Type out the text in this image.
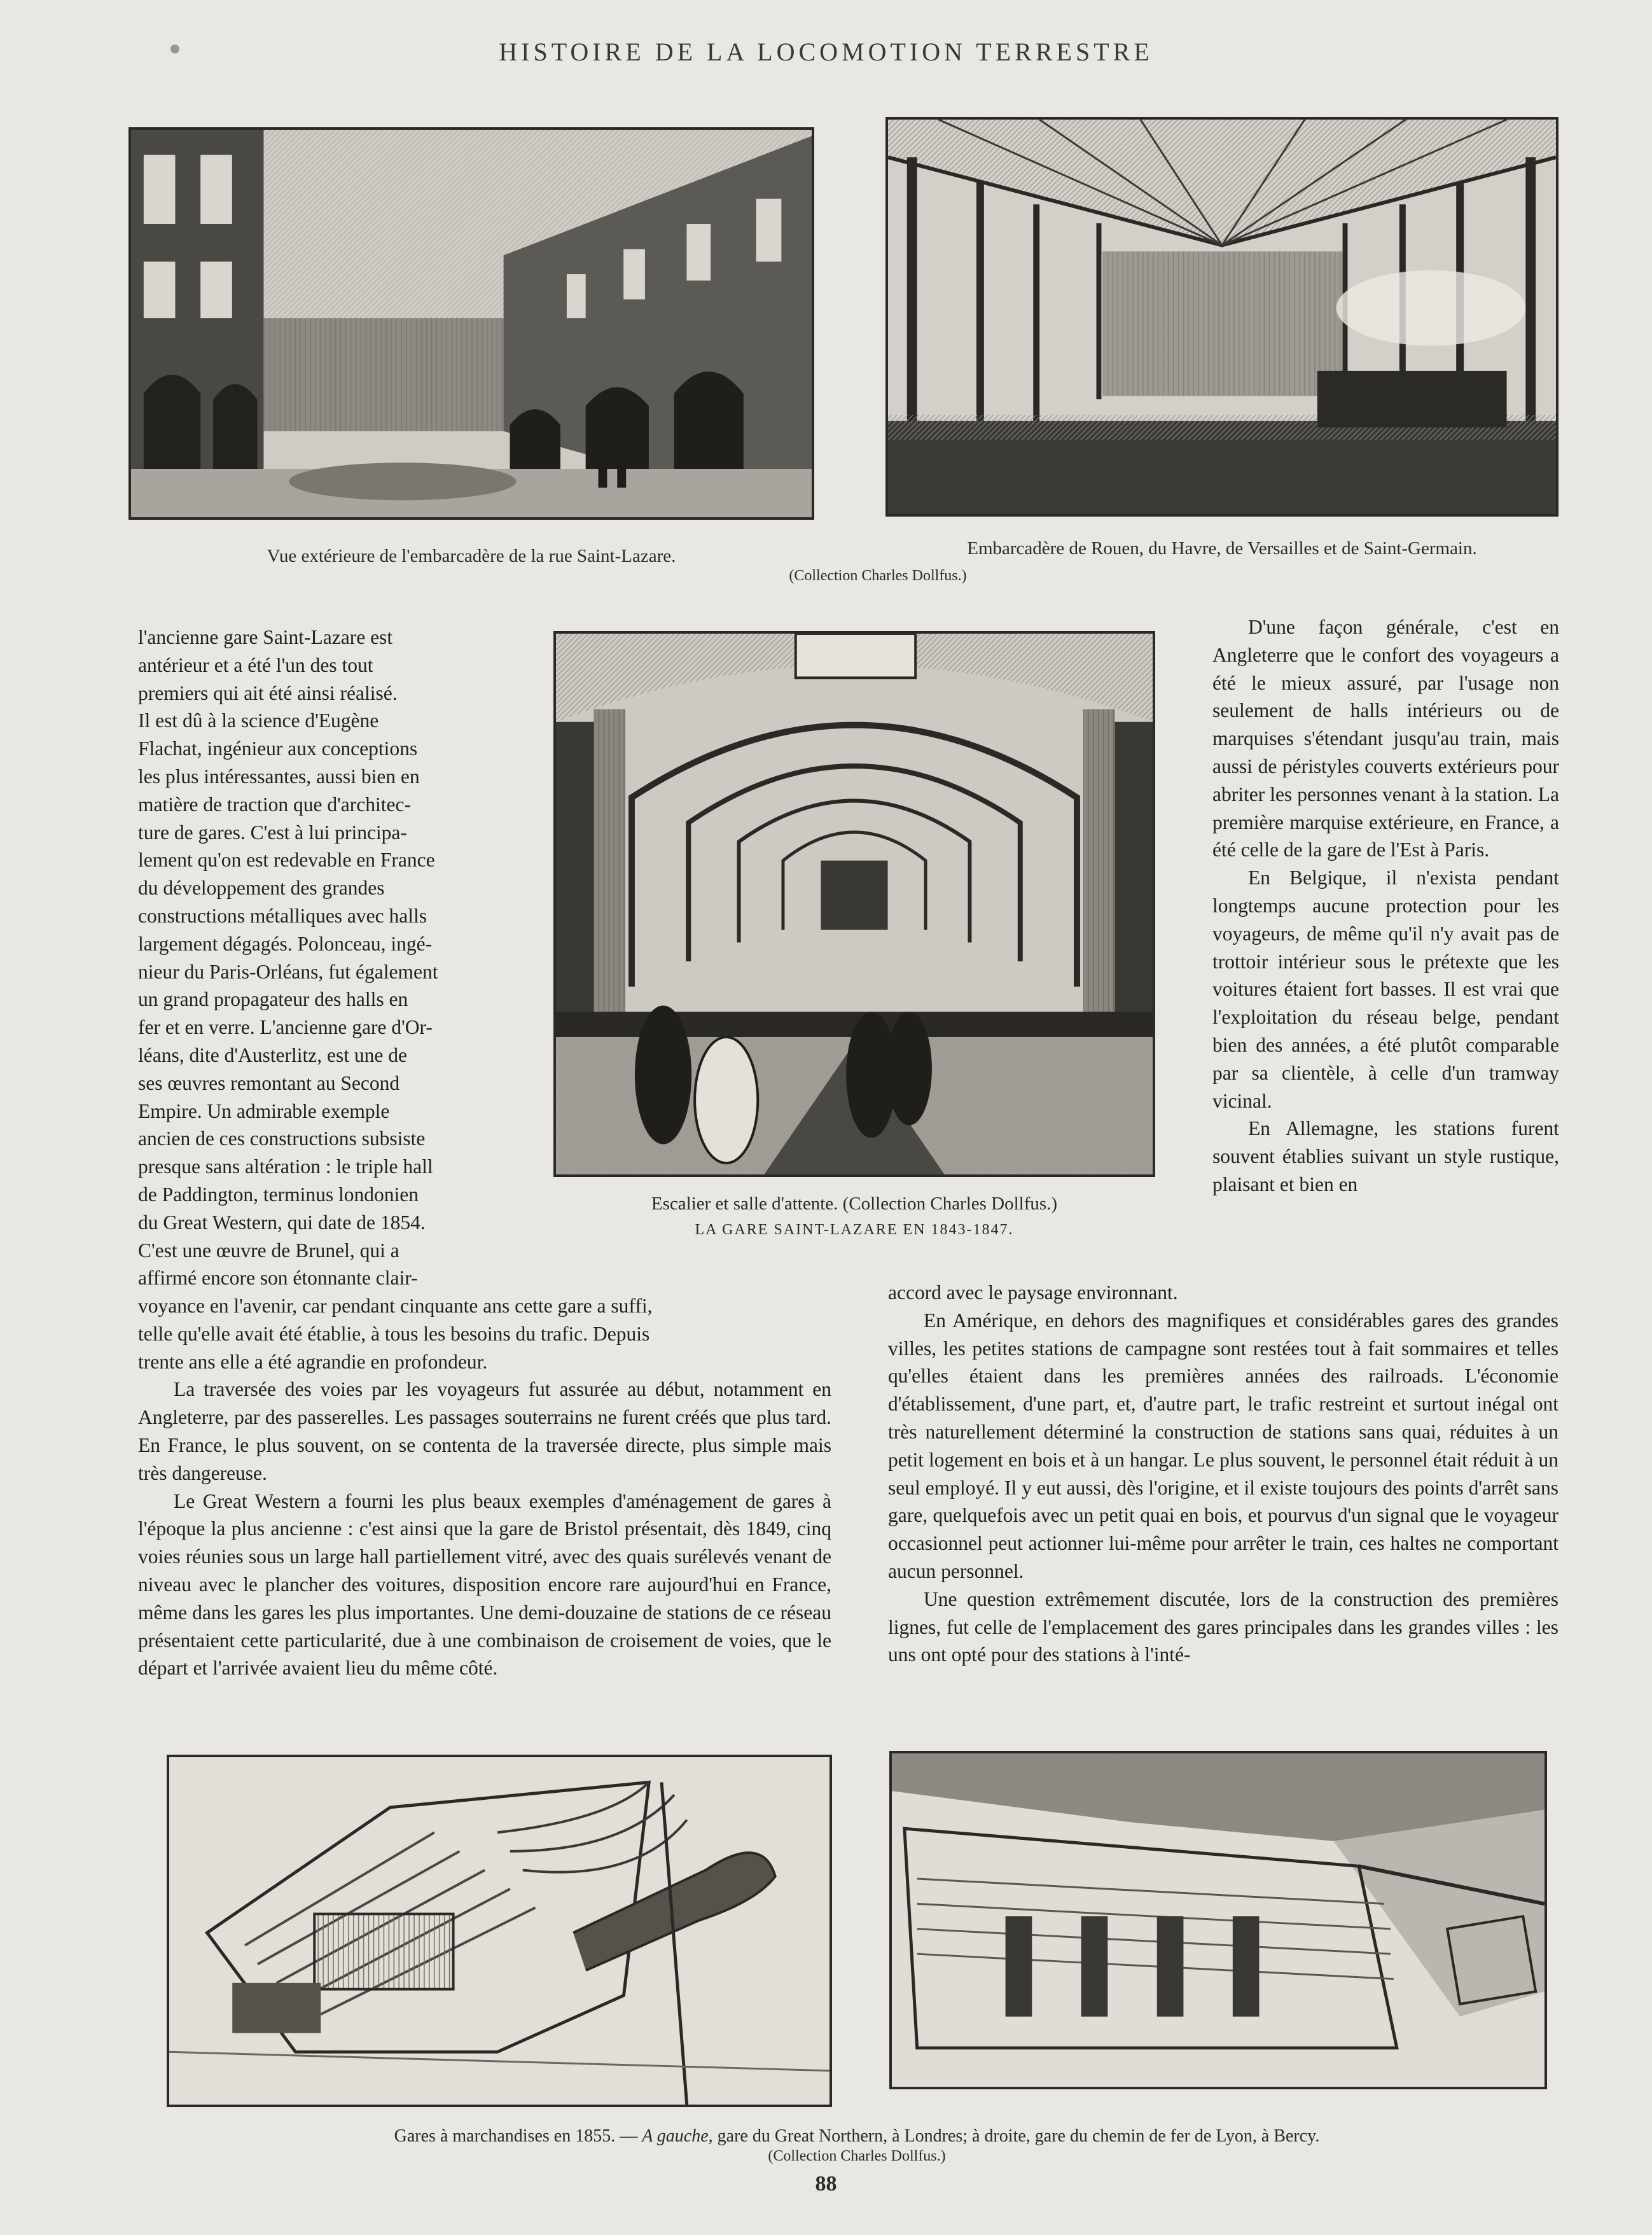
HISTOIRE DE LA LOCOMOTION TERRESTRE
Vue extérieure de l'embarcadère de la rue Saint-Lazare.	Embarcadère de Rouen, du Havre, de Versailles et de Saint-Germain.
(Collection Charles Dollfus.)
Escalier et salle d'attente. (Collection Charles Dollfus.)
LA GARE SAINT-LAZARE EN 1843-1847.
l'ancienne gare Saint-Lazare est
antérieur et a été l'un des tout
premiers qui ait été ainsi réalisé.
Il est dû à la science d'Eugène
Flachat, ingénieur aux conceptions
les plus intéressantes, aussi bien en
matière de traction que d'architec-
ture de gares. C'est à lui principa-
lement qu'on est redevable en France
du développement des grandes
constructions métalliques avec halls
largement dégagés. Polonceau, ingé-
nieur du Paris-Orléans, fut également
un grand propagateur des halls en
fer et en verre. L'ancienne gare d'Or-
léans, dite d'Austerlitz, est une de
ses œuvres remontant au Second
Empire. Un admirable exemple
ancien de ces constructions subsiste
presque sans altération : le triple hall
de Paddington, terminus londonien
du Great Western, qui date de 1854.
C'est une œuvre de Brunel, qui a
affirmé encore son étonnante clair-
voyance en l'avenir, car pendant cinquante ans cette gare a suffi,
telle qu'elle avait été établie, à tous les besoins du trafic. Depuis
trente ans elle a été agrandie en profondeur.

La traversée des voies par les voyageurs fut assurée au début, notamment en Angleterre, par des passerelles. Les passages souterrains ne furent créés que plus tard. En France, le plus souvent, on se contenta de la traversée directe, plus simple mais très dangereuse.

Le Great Western a fourni les plus beaux exemples d'aménagement de gares à l'époque la plus ancienne : c'est ainsi que la gare de Bristol présentait, dès 1849, cinq voies réunies sous un large hall partiellement vitré, avec des quais surélevés venant de niveau avec le plancher des voitures, disposition encore rare aujourd'hui en France, même dans les gares les plus importantes. Une demi-douzaine de stations de ce réseau présentaient cette particularité, due à une combinaison de croisement de voies, que le départ et l'arrivée avaient lieu du même côté.

D'une façon générale, c'est en Angleterre que le confort des voyageurs a été le mieux assuré, par l'usage non seulement de halls intérieurs ou de marquises s'étendant jusqu'au train, mais aussi de péristyles couverts extérieurs pour abriter les personnes venant à la station. La première marquise extérieure, en France, a été celle de la gare de l'Est à Paris.

En Belgique, il n'exista pendant longtemps aucune protection pour les voyageurs, de même qu'il n'y avait pas de trottoir intérieur sous le prétexte que les voitures étaient fort basses. Il est vrai que l'exploitation du réseau belge, pendant bien des années, a été plutôt comparable par sa clientèle, à celle d'un tramway vicinal.

En Allemagne, les stations furent souvent établies suivant un style rustique, plaisant et bien en

accord avec le paysage environnant.

En Amérique, en dehors des magnifiques et considérables gares des grandes villes, les petites stations de campagne sont restées tout à fait sommaires et telles qu'elles étaient dans les premières années des railroads. L'économie d'établissement, d'une part, et, d'autre part, le trafic restreint et surtout inégal ont très naturellement déterminé la construction de stations sans quai, réduites à un petit logement en bois et à un hangar. Le plus souvent, le personnel était réduit à un seul employé. Il y eut aussi, dès l'origine, et il existe toujours des points d'arrêt sans gare, quelquefois avec un petit quai en bois, et pourvus d'un signal que le voyageur occasionnel peut actionner lui-même pour arrêter le train, ces haltes ne comportant aucun personnel.

Une question extrêmement discutée, lors de la construction des premières lignes, fut celle de l'emplacement des gares principales dans les grandes villes : les uns ont opté pour des stations à l'inté-

Gares à marchandises en 1855. — A gauche, gare du Great Northern, à Londres; à droite, gare du chemin de fer de Lyon, à Bercy.
(Collection Charles Dollfus.)
88
